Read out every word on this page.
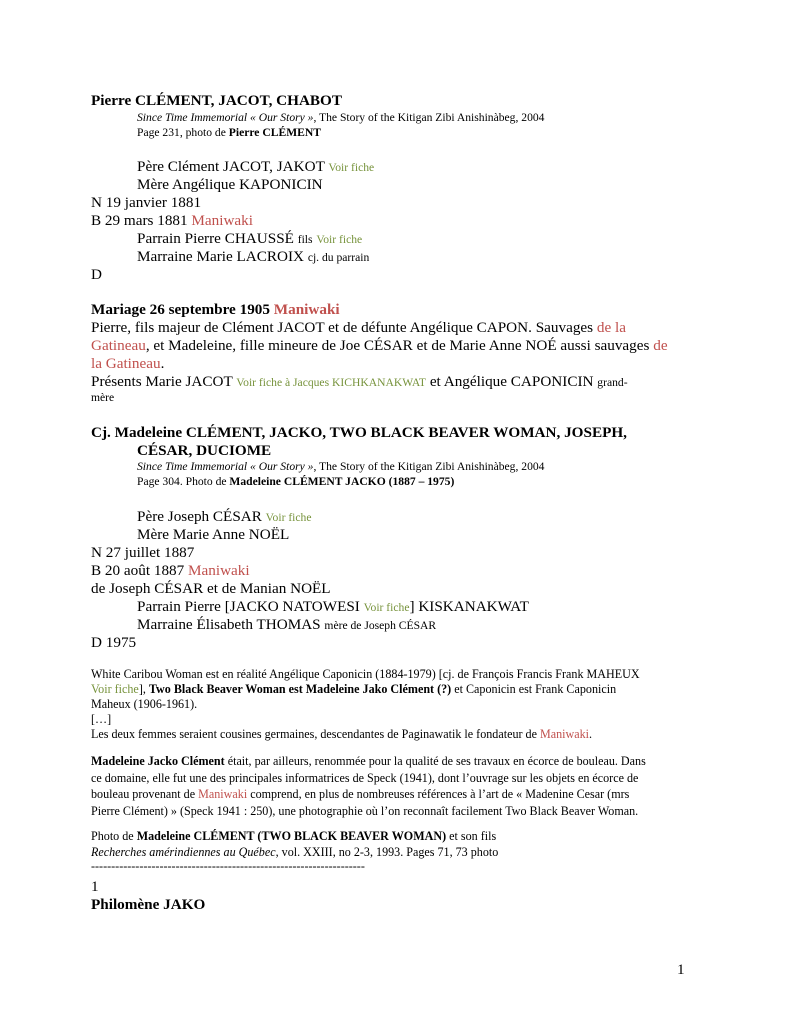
Pierre CLÉMENT, JACOT, CHABOT
Since Time Immemorial « Our Story », The Story of the Kitigan Zibi Anishinàbeg, 2004
Page 231, photo de Pierre CLÉMENT
Père Clément JACOT, JAKOT Voir fiche
Mère Angélique KAPONICIN
N 19 janvier 1881
B 29 mars 1881 Maniwaki
Parrain Pierre CHAUSSÉ fils Voir fiche
Marraine Marie LACROIX cj. du parrain
D
Mariage 26 septembre 1905 Maniwaki
Pierre, fils majeur de Clément JACOT et de défunte Angélique CAPON. Sauvages de la
Gatineau, et Madeleine, fille mineure de Joe CÉSAR et de Marie Anne NOÉ aussi sauvages de
la Gatineau.
Présents Marie JACOT Voir fiche à Jacques KICHKANAKWAT et Angélique CAPONICIN grand-
mère
Cj. Madeleine CLÉMENT, JACKO, TWO BLACK BEAVER WOMAN, JOSEPH,
CÉSAR, DUCIOME
Since Time Immemorial « Our Story », The Story of the Kitigan Zibi Anishinàbeg, 2004
Page 304. Photo de Madeleine CLÉMENT JACKO (1887 – 1975)
Père Joseph CÉSAR Voir fiche
Mère Marie Anne NOËL
N 27 juillet 1887
B 20 août 1887 Maniwaki
de Joseph CÉSAR et de Manian NOËL
Parrain Pierre [JACKO NATOWESI Voir fiche] KISKANAKWAT
Marraine Élisabeth THOMAS mère de Joseph CÉSAR
D 1975
White Caribou Woman est en réalité Angélique Caponicin (1884-1979) [cj. de François Francis Frank MAHEUX
Voir fiche], Two Black Beaver Woman est Madeleine Jako Clément (?) et Caponicin est Frank Caponicin
Maheux (1906-1961).
[…]
Les deux femmes seraient cousines germaines, descendantes de Paginawatik le fondateur de Maniwaki.
Madeleine Jacko Clément était, par ailleurs, renommée pour la qualité de ses travaux en écorce de bouleau. Dans ce domaine, elle fut une des principales informatrices de Speck (1941), dont l’ouvrage sur les objets en écorce de bouleau provenant de Maniwaki comprend, en plus de nombreuses références à l’art de « Madenine Cesar (mrs Pierre Clément) » (Speck 1941 : 250), une photographie où l’on reconnaît facilement Two Black Beaver Woman.
Photo de Madeleine CLÉMENT (TWO BLACK BEAVER WOMAN) et son fils
Recherches amérindiennes au Québec, vol. XXIII, no 2-3, 1993. Pages 71, 73 photo
--------------------------------------------------------------------
1
Philomène JAKO
1
